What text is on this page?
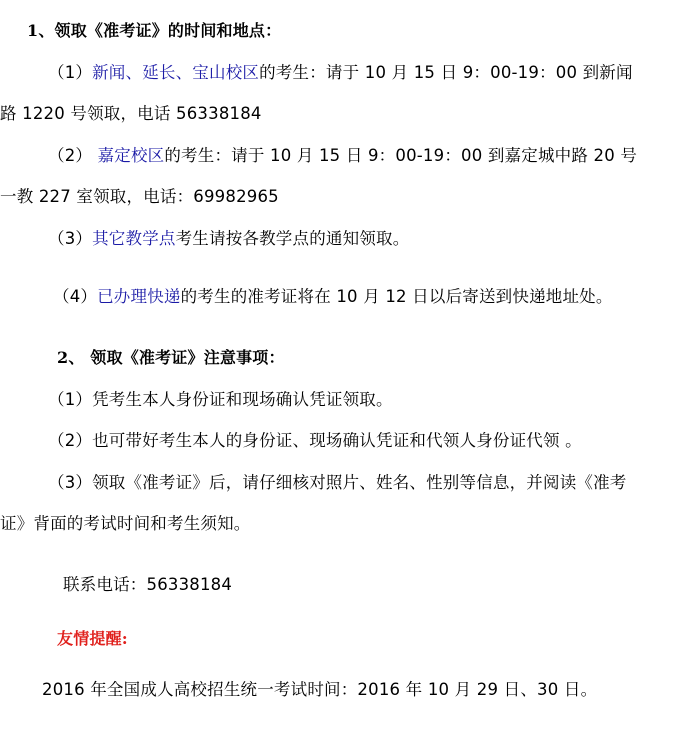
1、领取《准考证》的时间和地点：
（1）新闻、延长、宝山校区的考生：请于 10 月 15 日 9：00-19：00 到新闻
路 1220 号领取，电话 56338184
（2） 嘉定校区的考生：请于 10 月 15 日 9：00-19：00 到嘉定城中路 20 号
一教 227 室领取，电话：69982965
（3）其它教学点考生请按各教学点的通知领取。
（4）已办理快递的考生的准考证将在 10 月 12 日以后寄送到快递地址处。
2、 领取《准考证》注意事项：
（1）凭考生本人身份证和现场确认凭证领取。
（2）也可带好考生本人的身份证、现场确认凭证和代领人身份证代领 。
（3）领取《准考证》后，请仔细核对照片、姓名、性别等信息，并阅读《准考
证》背面的考试时间和考生须知。
联系电话：56338184
友情提醒:
2016 年全国成人高校招生统一考试时间：2016 年 10 月 29 日、30 日。
